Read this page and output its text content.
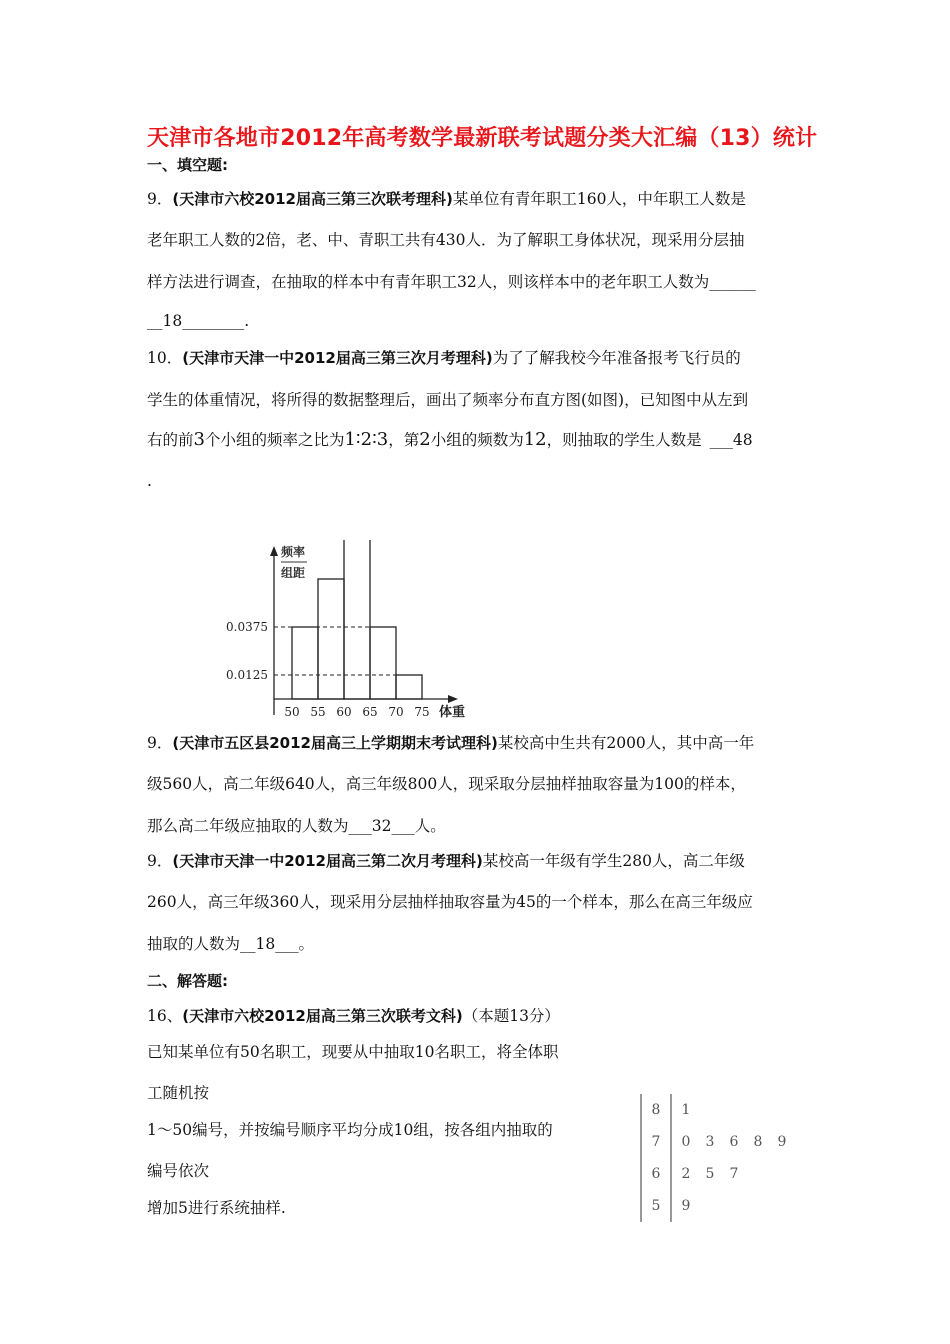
天津市各地市2012年高考数学最新联考试题分类大汇编（13）统计
一、填空题:
9．(天津市六校2012届高三第三次联考理科)某单位有青年职工160人，中年职工人数是
老年职工人数的2倍，老、中、青职工共有430人．为了解职工身体状况，现采用分层抽
样方法进行调查，在抽取的样本中有青年职工32人，则该样本中的老年职工人数为______
__18________.
10．(天津市天津一中2012届高三第三次月考理科)为了了解我校今年准备报考飞行员的
学生的体重情况，将所得的数据整理后，画出了频率分布直方图(如图)，已知图中从左到
右的前3个小组的频率之比为1∶2∶3，第2小组的频数为12，则抽取的学生人数是 ___48
.
频率
组距
体重
0.0375
0.0125
50 55 60 65 70 75
9．(天津市五区县2012届高三上学期期末考试理科)某校高中生共有2000人，其中高一年
级560人，高二年级640人，高三年级800人，现采取分层抽样抽取容量为100的样本，
那么高二年级应抽取的人数为___32___人。
9．(天津市天津一中2012届高三第二次月考理科)某校高一年级有学生280人，高二年级
260人，高三年级360人，现采用分层抽样抽取容量为45的一个样本，那么在高三年级应
抽取的人数为__18___。
二、解答题:
16、(天津市六校2012届高三第三次联考文科)（本题13分）
已知某单位有50名职工，现要从中抽取10名职工，将全体职
工随机按
1～50编号，并按编号顺序平均分成10组，按各组内抽取的
编号依次
增加5进行系统抽样.
8 1
7 0 3 6 8 9
6 2 5 7
5 9
